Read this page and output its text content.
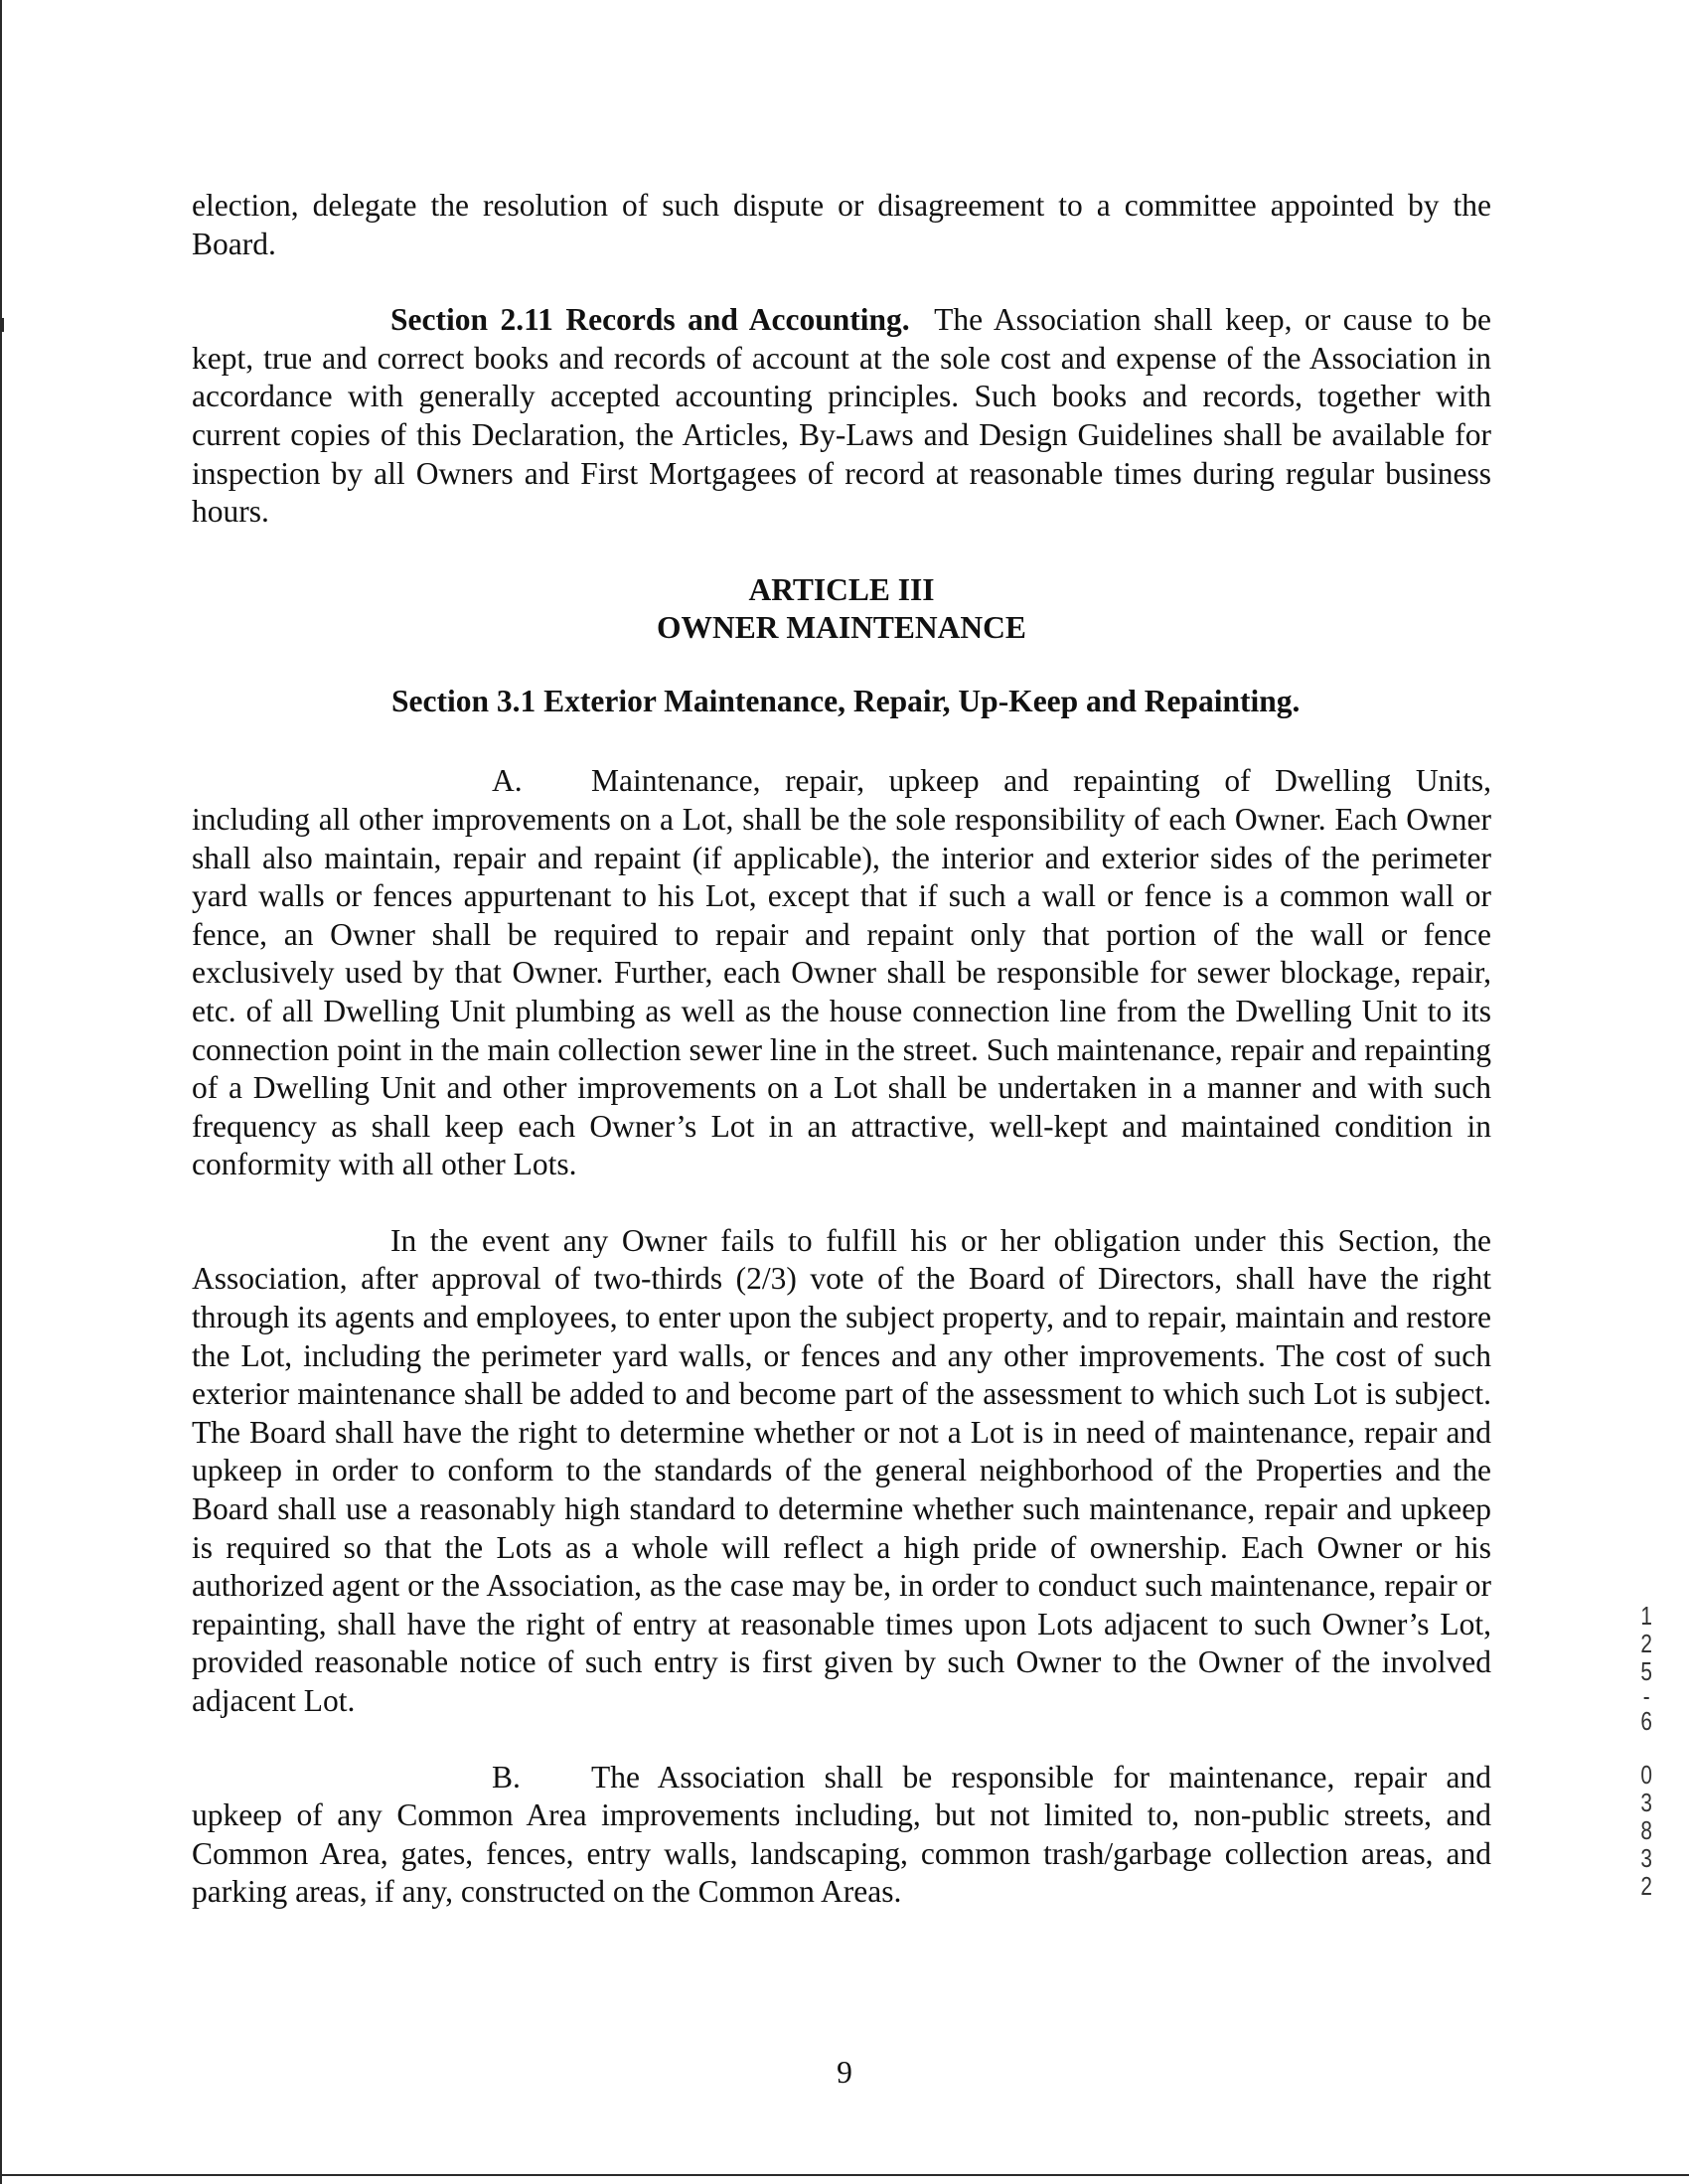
election, delegate the resolution of such dispute or disagreement to a committee appointed by the Board.

Section 2.11 Records and Accounting. The Association shall keep, or cause to be kept, true and correct books and records of account at the sole cost and expense of the Association in accordance with generally accepted accounting principles. Such books and records, together with current copies of this Declaration, the Articles, By-Laws and Design Guidelines shall be available for inspection by all Owners and First Mortgagees of record at reasonable times during regular business hours.

ARTICLE III
OWNER MAINTENANCE
Section 3.1 Exterior Maintenance, Repair, Up-Keep and Repainting.

A. Maintenance, repair, upkeep and repainting of Dwelling Units, including all other improvements on a Lot, shall be the sole responsibility of each Owner. Each Owner shall also maintain, repair and repaint (if applicable), the interior and exterior sides of the perimeter yard walls or fences appurtenant to his Lot, except that if such a wall or fence is a common wall or fence, an Owner shall be required to repair and repaint only that portion of the wall or fence exclusively used by that Owner. Further, each Owner shall be responsible for sewer blockage, repair, etc. of all Dwelling Unit plumbing as well as the house connection line from the Dwelling Unit to its connection point in the main collection sewer line in the street. Such maintenance, repair and repainting of a Dwelling Unit and other improvements on a Lot shall be undertaken in a manner and with such frequency as shall keep each Owner’s Lot in an attractive, well-kept and maintained condition in conformity with all other Lots.

In the event any Owner fails to fulfill his or her obligation under this Section, the Association, after approval of two-thirds (2/3) vote of the Board of Directors, shall have the right through its agents and employees, to enter upon the subject property, and to repair, maintain and restore the Lot, including the perimeter yard walls, or fences and any other improvements. The cost of such exterior maintenance shall be added to and become part of the assessment to which such Lot is subject. The Board shall have the right to determine whether or not a Lot is in need of maintenance, repair and upkeep in order to conform to the standards of the general neighborhood of the Properties and the Board shall use a reasonably high standard to determine whether such maintenance, repair and upkeep is required so that the Lots as a whole will reflect a high pride of ownership. Each Owner or his authorized agent or the Association, as the case may be, in order to conduct such maintenance, repair or repainting, shall have the right of entry at reasonable times upon Lots adjacent to such Owner’s Lot, provided reasonable notice of such entry is first given by such Owner to the Owner of the involved adjacent Lot.

B. The Association shall be responsible for maintenance, repair and upkeep of any Common Area improvements including, but not limited to, non-public streets, and Common Area, gates, fences, entry walls, landscaping, common trash/garbage collection areas, and parking areas, if any, constructed on the Common Areas.

9
1
2
5
-
6
0
3
8
3
2
